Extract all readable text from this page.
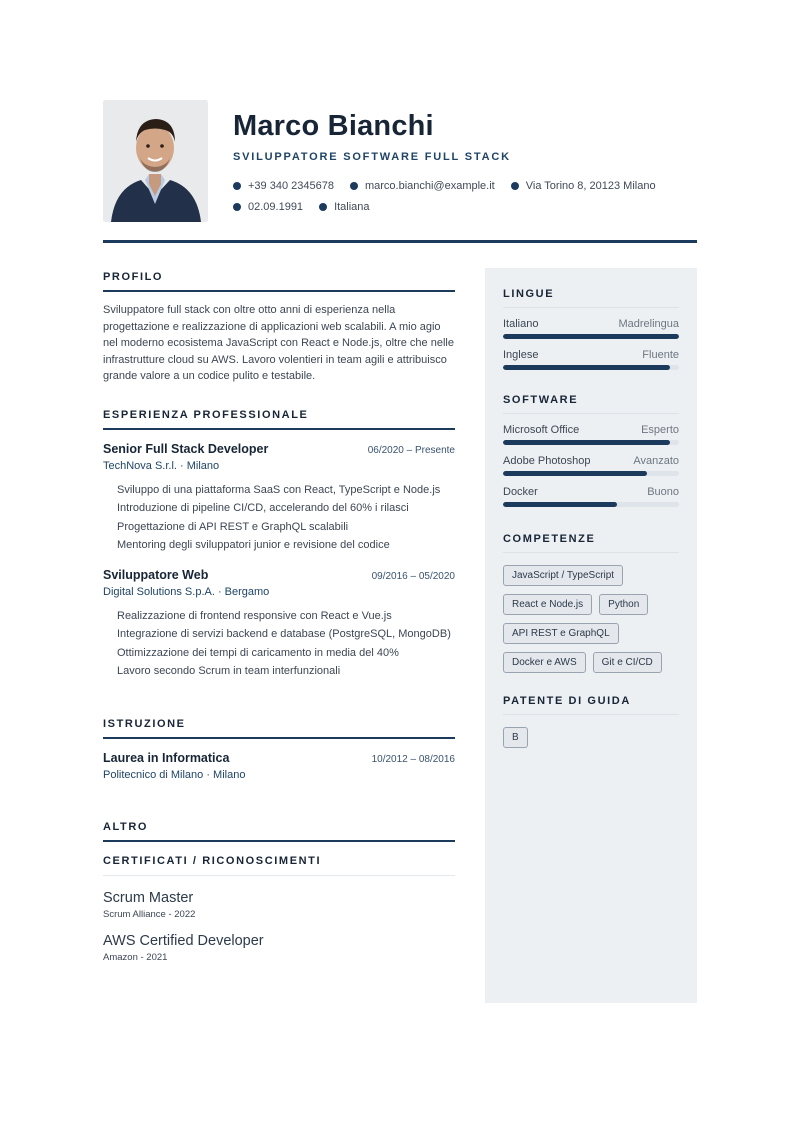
Marco Bianchi
SVILUPPATORE SOFTWARE FULL STACK
+39 340 2345678	marco.bianchi@example.it	Via Torino 8, 20123 Milano
02.09.1991	Italiana
PROFILO
Sviluppatore full stack con oltre otto anni di esperienza nella progettazione e realizzazione di applicazioni web scalabili. A mio agio nel moderno ecosistema JavaScript con React e Node.js, oltre che nelle infrastrutture cloud su AWS. Lavoro volentieri in team agili e attribuisco grande valore a un codice pulito e testabile.
ESPERIENZA PROFESSIONALE
Senior Full Stack Developer	06/2020 – Presente
TechNova S.r.l. · Milano
Sviluppo di una piattaforma SaaS con React, TypeScript e Node.js
Introduzione di pipeline CI/CD, accelerando del 60% i rilasci
Progettazione di API REST e GraphQL scalabili
Mentoring degli sviluppatori junior e revisione del codice
Sviluppatore Web	09/2016 – 05/2020
Digital Solutions S.p.A. · Bergamo
Realizzazione di frontend responsive con React e Vue.js
Integrazione di servizi backend e database (PostgreSQL, MongoDB)
Ottimizzazione dei tempi di caricamento in media del 40%
Lavoro secondo Scrum in team interfunzionali
ISTRUZIONE
Laurea in Informatica	10/2012 – 08/2016
Politecnico di Milano · Milano
ALTRO
CERTIFICATI / RICONOSCIMENTI
Scrum Master
Scrum Alliance - 2022
AWS Certified Developer
Amazon - 2021
LINGUE
Italiano	Madrelingua
Inglese	Fluente
SOFTWARE
Microsoft Office	Esperto
Adobe Photoshop	Avanzato
Docker	Buono
COMPETENZE
JavaScript / TypeScript
React e Node.js	Python
API REST e GraphQL
Docker e AWS	Git e CI/CD
PATENTE DI GUIDA
B
